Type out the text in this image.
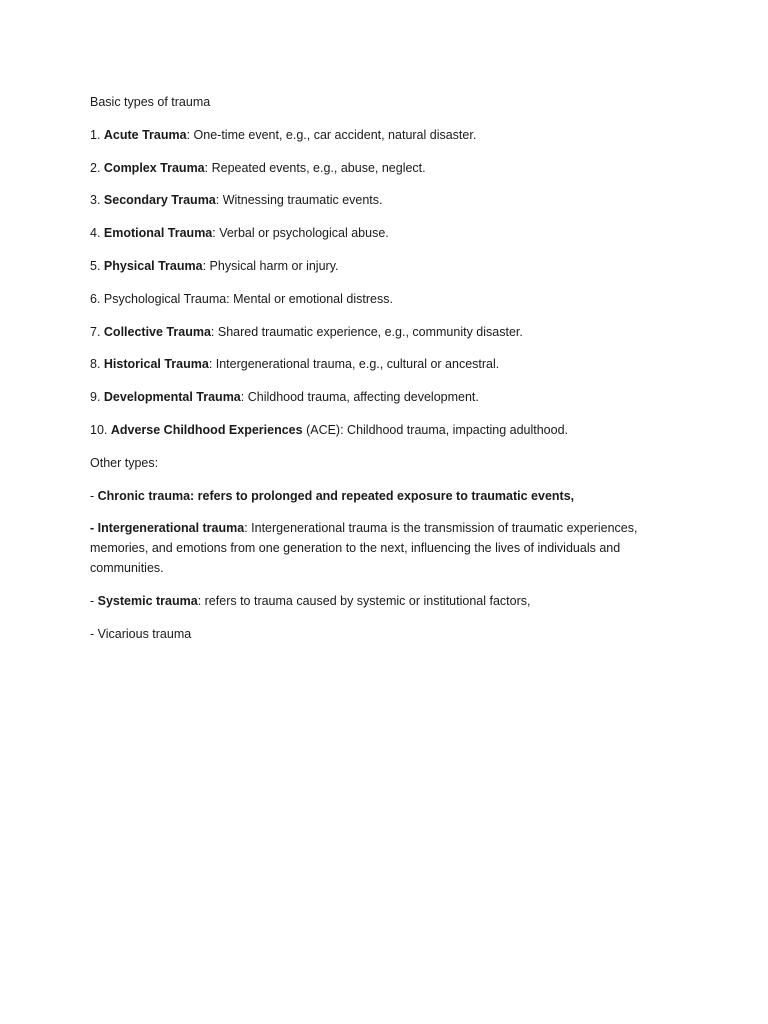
Basic types of trauma

1. Acute Trauma: One-time event, e.g., car accident, natural disaster.

2. Complex Trauma: Repeated events, e.g., abuse, neglect.

3. Secondary Trauma: Witnessing traumatic events.

4. Emotional Trauma: Verbal or psychological abuse.

5. Physical Trauma: Physical harm or injury.

6. Psychological Trauma: Mental or emotional distress.

7. Collective Trauma: Shared traumatic experience, e.g., community disaster.

8. Historical Trauma: Intergenerational trauma, e.g., cultural or ancestral.

9. Developmental Trauma: Childhood trauma, affecting development.

10. Adverse Childhood Experiences (ACE): Childhood trauma, impacting adulthood.

Other types:

- Chronic trauma: refers to prolonged and repeated exposure to traumatic events,

- Intergenerational trauma: Intergenerational trauma is the transmission of traumatic experiences, memories, and emotions from one generation to the next, influencing the lives of individuals and communities.

- Systemic trauma: refers to trauma caused by systemic or institutional factors,

- Vicarious trauma
